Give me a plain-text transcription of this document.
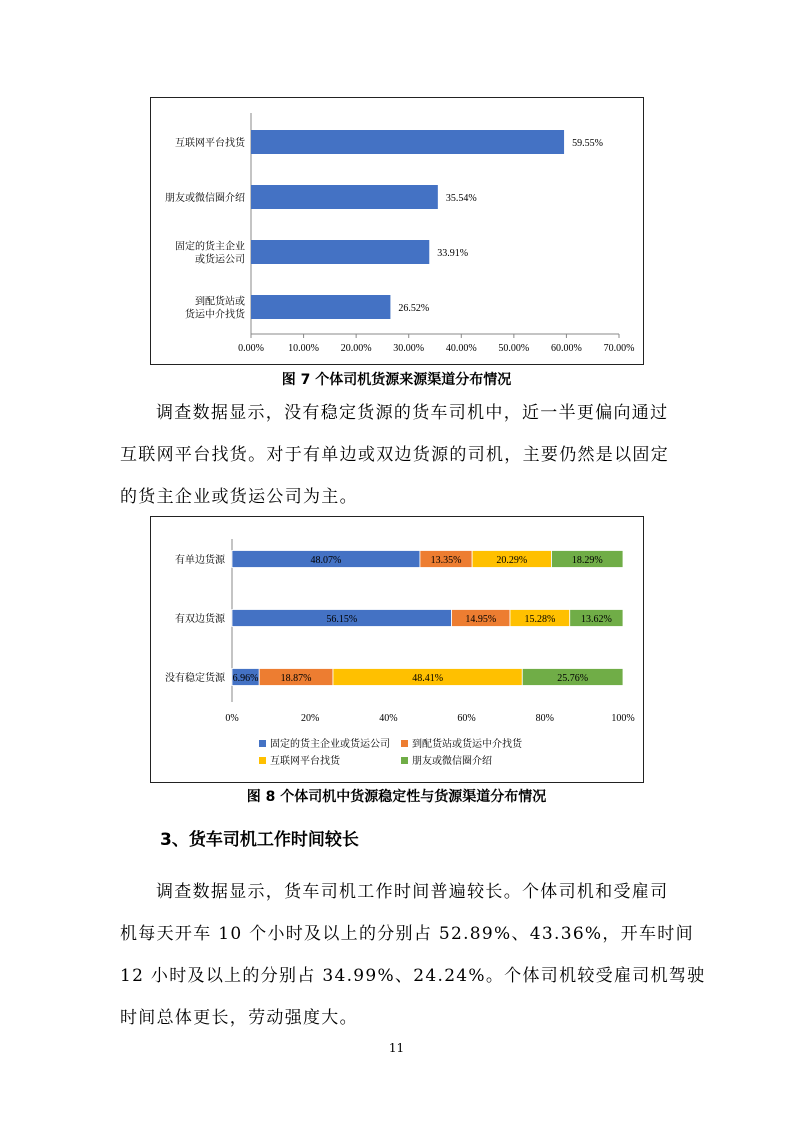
0.00% 10.00% 20.00% 30.00% 40.00% 50.00% 60.00% 70.00%
59.55%
互联网平台找货
35.54%
朋友或微信圈介绍
33.91%
固定的货主企业
或货运公司
26.52%
到配货站或
货运中介找货
图 7 个体司机货源来源渠道分布情况
调查数据显示，没有稳定货源的货车司机中，近一半更偏向通过
互联网平台找货。对于有单边或双边货源的司机，主要仍然是以固定
的货主企业或货运公司为主。
0%	20%	40%	60%	80%	100%
有单边货源	48.07%	13.35%	20.29%	18.29%
有双边货源	56.15%	14.95%	15.28%	13.62%
没有稳定货源 6.96% 18.87%	48.41%	25.76%
固定的货主企业或货运公司 到配货站或货运中介找货
互联网平台找货	朋友或微信圈介绍
图 8 个体司机中货源稳定性与货源渠道分布情况
3、货车司机工作时间较长
调查数据显示，货车司机工作时间普遍较长。个体司机和受雇司
机每天开车 10 个小时及以上的分别占 52.89%、43.36%，开车时间
12 小时及以上的分别占 34.99%、24.24%。个体司机较受雇司机驾驶
时间总体更长，劳动强度大。
11
